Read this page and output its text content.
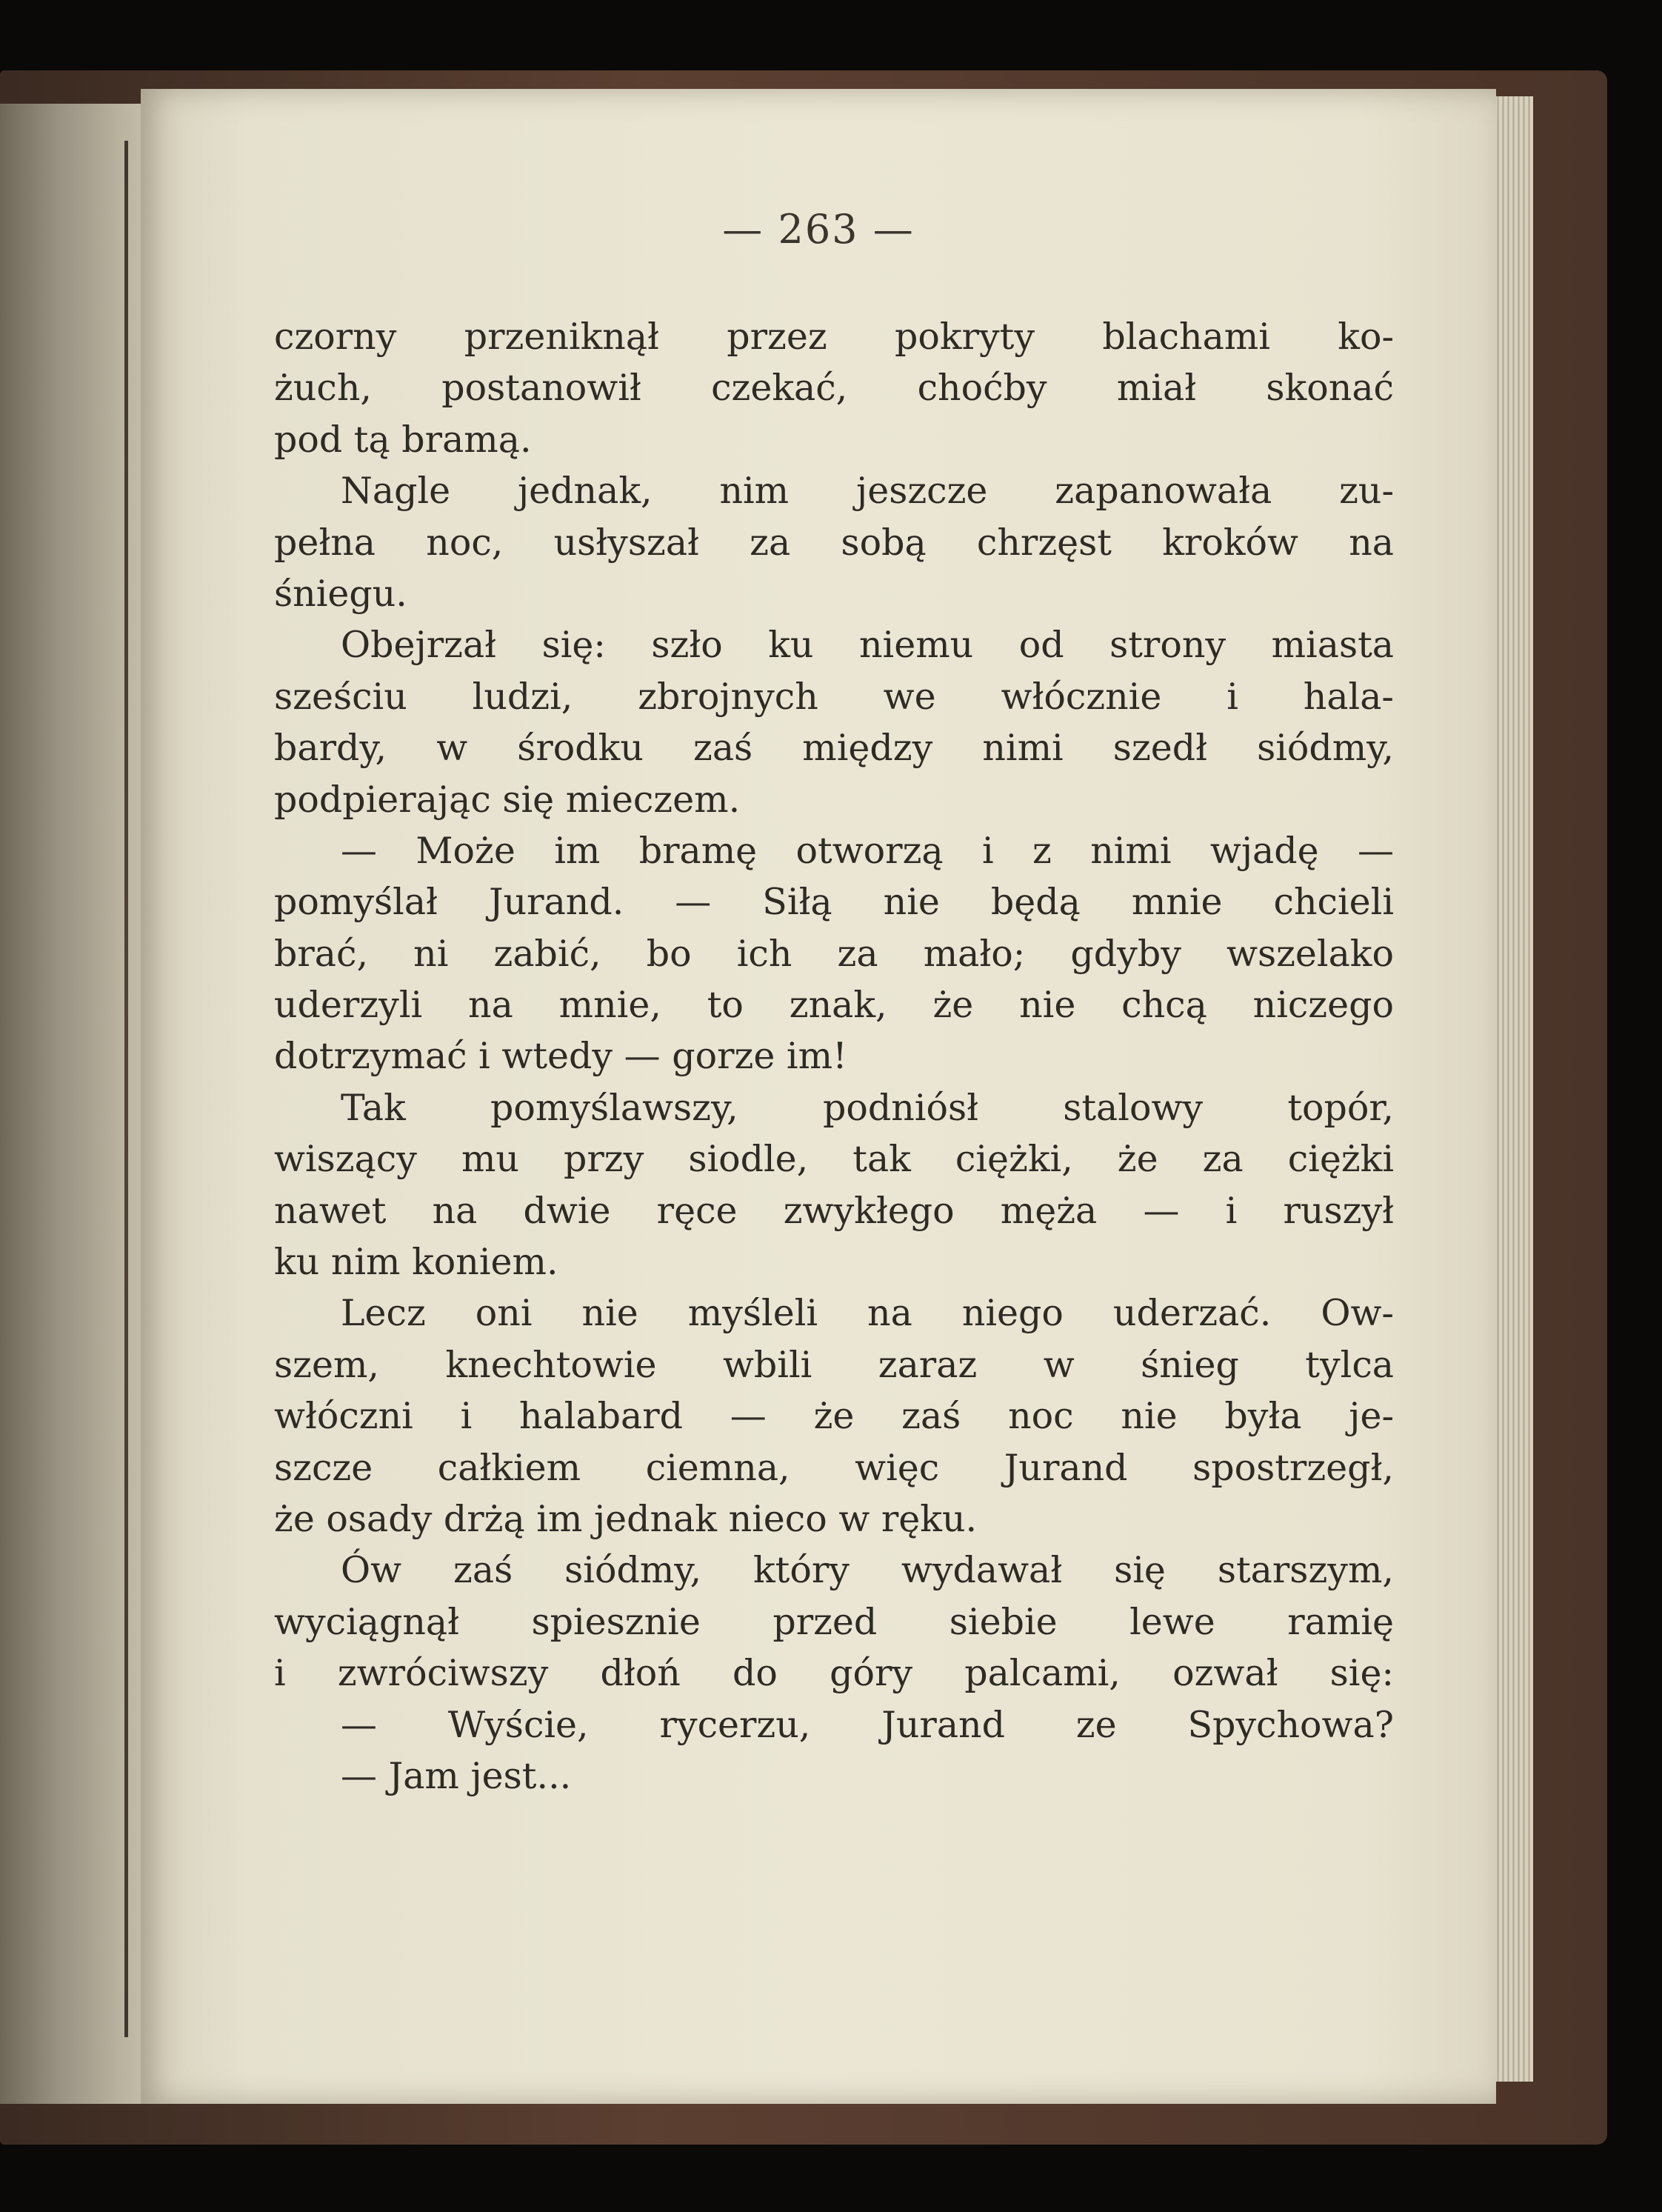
— 263 —
czorny przeniknął przez pokryty blachami ko-
żuch, postanowił czekać, choćby miał skonać
pod tą bramą.
Nagle jednak, nim jeszcze zapanowała zu-
pełna noc, usłyszał za sobą chrzęst kroków na
śniegu.
Obejrzał się: szło ku niemu od strony miasta
sześciu ludzi, zbrojnych we włócznie i hala-
bardy, w środku zaś między nimi szedł siódmy,
podpierając się mieczem.
— Może im bramę otworzą i z nimi wjadę —
pomyślał Jurand. — Siłą nie będą mnie chcieli
brać, ni zabić, bo ich za mało; gdyby wszelako
uderzyli na mnie, to znak, że nie chcą niczego
dotrzymać i wtedy — gorze im!
Tak pomyślawszy, podniósł stalowy topór,
wiszący mu przy siodle, tak ciężki, że za ciężki
nawet na dwie ręce zwykłego męża — i ruszył
ku nim koniem.
Lecz oni nie myśleli na niego uderzać. Ow-
szem, knechtowie wbili zaraz w śnieg tylca
włóczni i halabard — że zaś noc nie była je-
szcze całkiem ciemna, więc Jurand spostrzegł,
że osady drżą im jednak nieco w ręku.
Ów zaś siódmy, który wydawał się starszym,
wyciągnął spiesznie przed siebie lewe ramię
i zwróciwszy dłoń do góry palcami, ozwał się:
— Wyście, rycerzu, Jurand ze Spychowa?
— Jam jest...
